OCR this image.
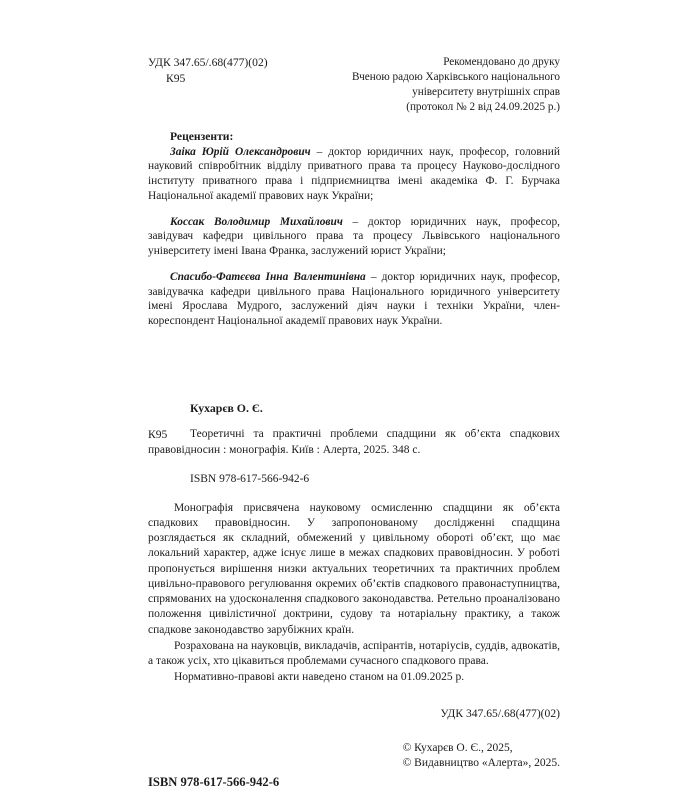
УДК 347.65/.68(477)(02)
К95
Рекомендовано до друку
Вченою радою Харківського національного
університету внутрішніх справ
(протокол № 2 від 24.09.2025 р.)
Рецензенти:

Заіка Юрій Олександрович – доктор юридичних наук, професор, головний науковий співробітник відділу приватного права та процесу Науково-дослідного інституту приватного права і підприємництва імені академіка Ф. Г. Бурчака Національної академії правових наук України;

Коссак Володимир Михайлович – доктор юридичних наук, професор, завідувач кафедри цивільного права та процесу Львівського національного університету імені Івана Франка, заслужений юрист України;

Спасибо-Фатєєва Інна Валентинівна – доктор юридичних наук, професор, завідувачка кафедри цивільного права Національного юридичного університету імені Ярослава Мудрого, заслужений діяч науки і техніки України, член-кореспондент Національної академії правових наук України.

Кухарєв О. Є.
К95	Теоретичні та практичні проблеми спадщини як об’єкта спадкових правовідносин : монографія. Київ : Алерта, 2025. 348 с.

ISBN 978-617-566-942-6

Монографія присвячена науковому осмисленню спадщини як об’єкта спадкових правовідносин. У запропонованому дослідженні спадщина розглядається як складний, обмежений у цивільному обороті об’єкт, що має локальний характер, адже існує лише в межах спадкових правовідносин. У роботі пропонується вирішення низки актуальних теоретичних та практичних проблем цивільно-правового регулювання окремих об’єктів спадкового правонаступництва, спрямованих на удосконалення спадкового законодавства. Ретельно проаналізовано положення цивілістичної доктрини, судову та нотаріальну практику, а також спадкове законодавство зарубіжних країн.

Розрахована на науковців, викладачів, аспірантів, нотаріусів, суддів, адвокатів, а також усіх, хто цікавиться проблемами сучасного спадкового права.

Нормативно-правові акти наведено станом на 01.09.2025 р.

УДК 347.65/.68(477)(02)
ISBN 978-617-566-942-6
© Кухарєв О. Є., 2025,
© Видавництво «Алерта», 2025.
